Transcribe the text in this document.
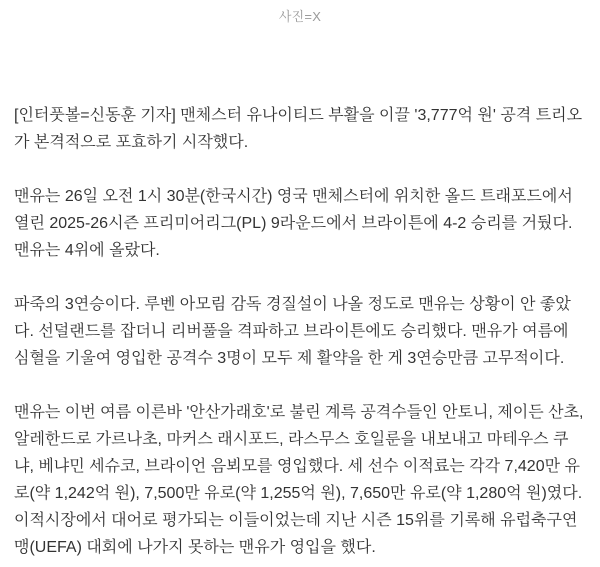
사진=X

[인터풋볼=신동훈 기자] 맨체스터 유나이티드 부활을 이끌 '3,777억 원' 공격 트리오가 본격적으로 포효하기 시작했다.

맨유는 26일 오전 1시 30분(한국시간) 영국 맨체스터에 위치한 올드 트래포드에서 열린 2025-26시즌 프리미어리그(PL) 9라운드에서 브라이튼에 4-2 승리를 거뒀다. 맨유는 4위에 올랐다.

파죽의 3연승이다. 루벤 아모림 감독 경질설이 나올 정도로 맨유는 상황이 안 좋았다. 선덜랜드를 잡더니 리버풀을 격파하고 브라이튼에도 승리했다. 맨유가 여름에 심혈을 기울여 영입한 공격수 3명이 모두 제 활약을 한 게 3연승만큼 고무적이다.

맨유는 이번 여름 이른바 '안산가래호'로 불린 계륵 공격수들인 안토니, 제이든 산초, 알레한드로 가르나초, 마커스 래시포드, 라스무스 호일룬을 내보내고 마테우스 쿠냐, 베냐민 세슈코, 브라이언 음뵈모를 영입했다. 세 선수 이적료는 각각 7,420만 유로(약 1,242억 원), 7,500만 유로(약 1,255억 원), 7,650만 유로(약 1,280억 원)였다. 이적시장에서 대어로 평가되는 이들이었는데 지난 시즌 15위를 기록해 유럽축구연맹(UEFA) 대회에 나가지 못하는 맨유가 영입을 했다.
